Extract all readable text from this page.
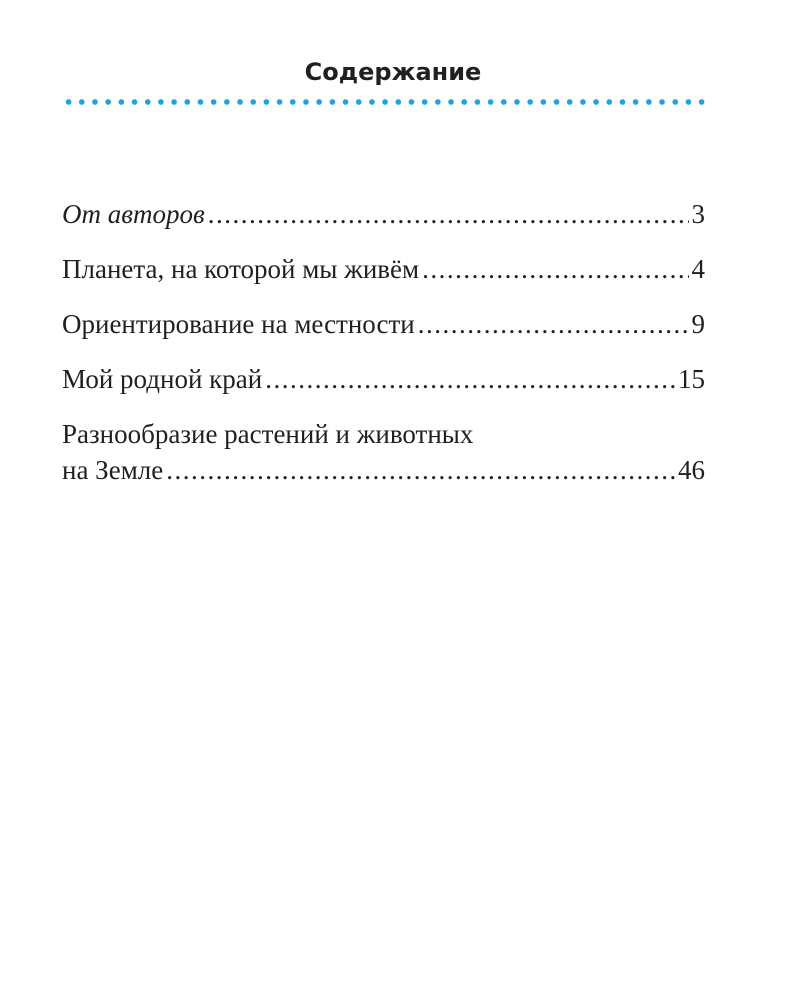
Содержание
От авторов .....	3
Планета, на которой мы живём .....	4
Ориентирование на местности .....	9
Мой родной край .....	15
Разнообразие растений и животных
на Земле .....	46
